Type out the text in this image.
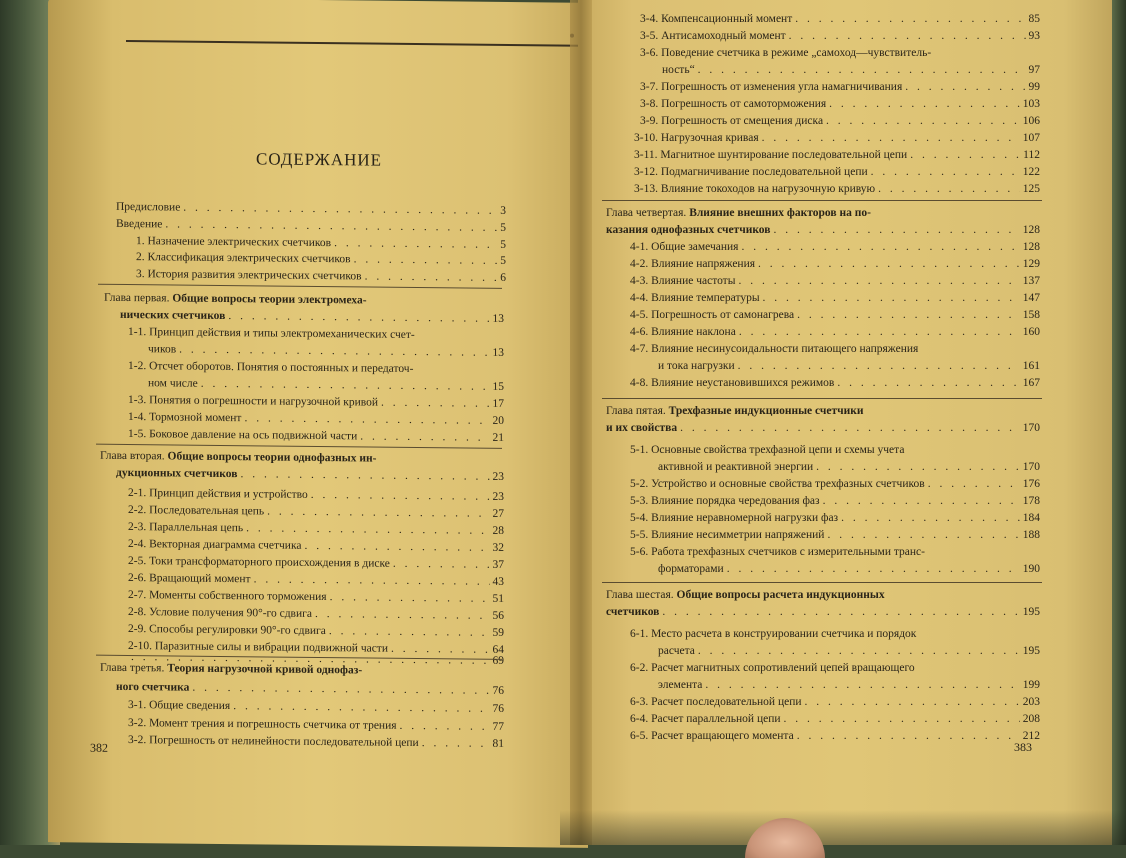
СОДЕРЖАНИЕ
Предисловие . . .	3
Введение . . .	5
1. Назначение электрических счетчиков . . .	5
2. Классификация электрических счетчиков . . .	5
3. История развития электрических счетчиков . . .	6
Глава первая. Общие вопросы теории электромеха-
нических счетчиков . . .	13
1-1. Принцип действия и типы электромеханических счет-
чиков . . .	13
1-2. Отсчет оборотов. Понятия о постоянных и передаточ-
ном числе . . .	15
1-3. Понятия о погрешности и нагрузочной кривой . . .	17
1-4. Тормозной момент . . .	20
1-5. Боковое давление на ось подвижной части . . .	21
Глава вторая. Общие вопросы теории однофазных ин-
дукционных счетчиков . . .	23
2-1. Принцип действия и устройство . . .	23
2-2. Последовательная цепь . . .	27
2-3. Параллельная цепь . . .	28
2-4. Векторная диаграмма счетчика . . .	32
2-5. Токи трансформаторного происхождения в диске . . .	37
2-6. Вращающий момент . . .	43
2-7. Моменты собственного торможения . . .	51
2-8. Условие получения 90°-го сдвига . . .	56
2-9. Способы регулировки 90°-го сдвига . . .	59
2-10. Паразитные силы и вибрации подвижной части . . .	64
. . .
69
Глава третья. Теория нагрузочной кривой однофаз-
ного счетчика . . .	76
3-1. Общие сведения . . .	76
3-2. Момент трения и погрешность счетчика от трения . . .	77
3-2. Погрешность от нелинейности последовательной цепи . . .	81
382
3-4. Компенсационный момент . . .	85
3-5. Антисамоходный момент . . .	93
3-6. Поведение счетчика в режиме „самоход—чувствитель-
ность“ . . .	97
3-7. Погрешность от изменения угла намагничивания . . .	99
3-8. Погрешность от самоторможения . . .	103
3-9. Погрешность от смещения диска . . .	106
3-10. Нагрузочная кривая . . .	107
3-11. Магнитное шунтирование последовательной цепи . . .	112
3-12. Подмагничивание последовательной цепи . . .	122
3-13. Влияние токоходов на нагрузочную кривую . . .	125
Глава четвертая. Влияние внешних факторов на по-
казания однофазных счетчиков . . .	128
4-1. Общие замечания . . .	128
4-2. Влияние напряжения . . .	129
4-3. Влияние частоты . . .	137
4-4. Влияние температуры . . .	147
4-5. Погрешность от самонагрева . . .	158
4-6. Влияние наклона . . .	160
4-7. Влияние несинусоидальности питающего напряжения
и тока нагрузки . . .	161
4-8. Влияние неустановившихся режимов . . .	167
Глава пятая. Трехфазные индукционные счетчики
и их свойства . . .	170
5-1. Основные свойства трехфазной цепи и схемы учета
активной и реактивной энергии . . .	170
5-2. Устройство и основные свойства трехфазных счетчиков . . .	176
5-3. Влияние порядка чередования фаз . . .	178
5-4. Влияние неравномерной нагрузки фаз . . .	184
5-5. Влияние несимметрии напряжений . . .	188
5-6. Работа трехфазных счетчиков с измерительными транс-
форматорами . . .	190
Глава шестая. Общие вопросы расчета индукционных
счетчиков . . .	195
6-1. Место расчета в конструировании счетчика и порядок
расчета . . .	195
6-2. Расчет магнитных сопротивлений цепей вращающего
элемента . . .	199
6-3. Расчет последовательной цепи . . .	203
6-4. Расчет параллельной цепи . . .	208
6-5. Расчет вращающего момента . . .	212
383
